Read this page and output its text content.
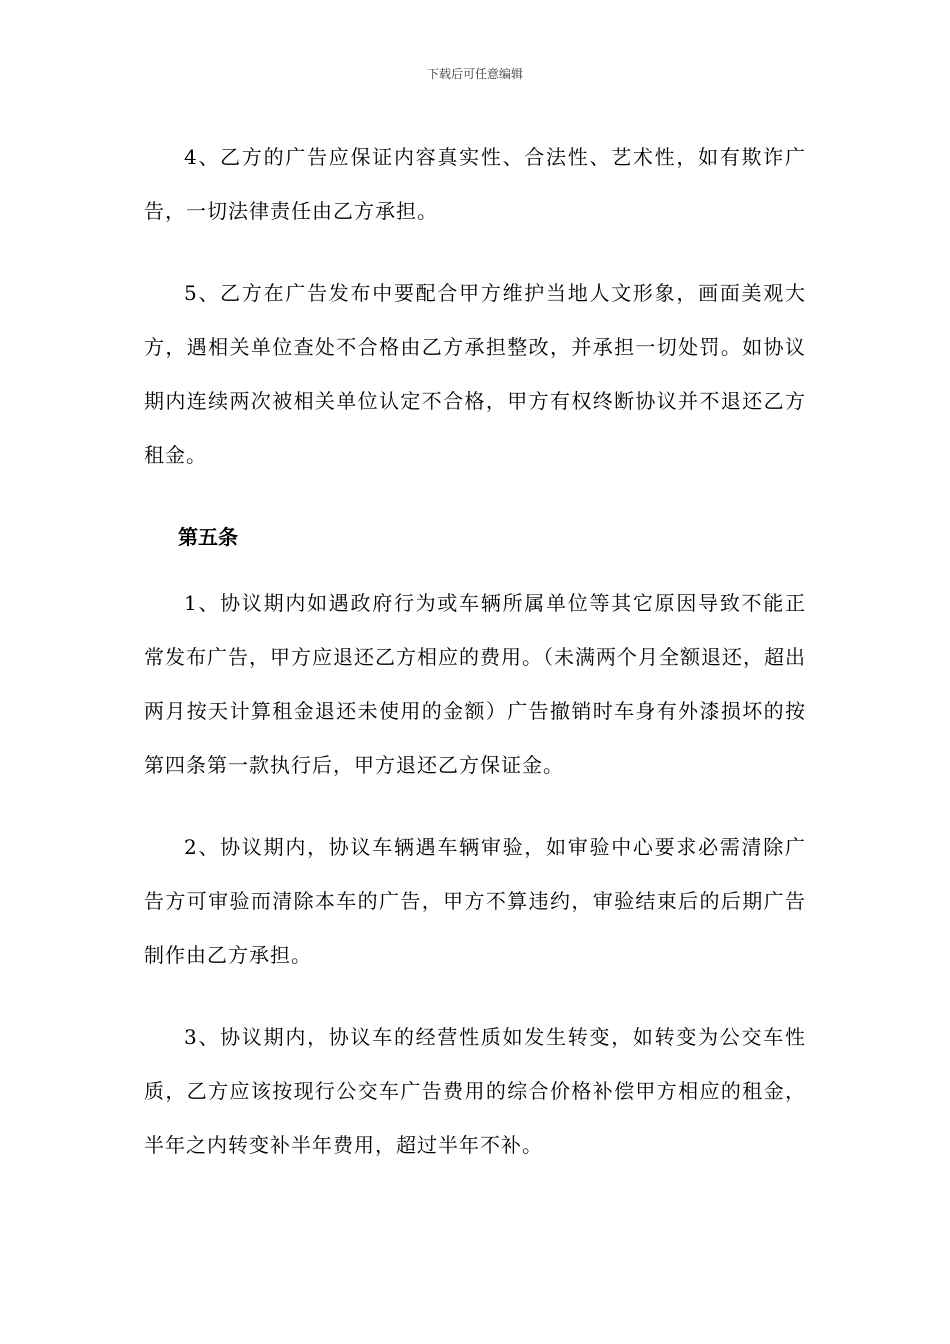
下载后可任意编辑

4、乙方的广告应保证内容真实性、合法性、艺术性，如有欺诈广告，一切法律责任由乙方承担。

5、乙方在广告发布中要配合甲方维护当地人文形象，画面美观大方，遇相关单位查处不合格由乙方承担整改，并承担一切处罚。如协议期内连续两次被相关单位认定不合格，甲方有权终断协议并不退还乙方租金。

第五条

1、协议期内如遇政府行为或车辆所属单位等其它原因导致不能正常发布广告，甲方应退还乙方相应的费用。（未满两个月全额退还，超出两月按天计算租金退还未使用的金额）广告撤销时车身有外漆损坏的按第四条第一款执行后，甲方退还乙方保证金。

2、协议期内，协议车辆遇车辆审验，如审验中心要求必需清除广告方可审验而清除本车的广告，甲方不算违约，审验结束后的后期广告制作由乙方承担。

3、协议期内，协议车的经营性质如发生转变，如转变为公交车性质，乙方应该按现行公交车广告费用的综合价格补偿甲方相应的租金，半年之内转变补半年费用，超过半年不补。
